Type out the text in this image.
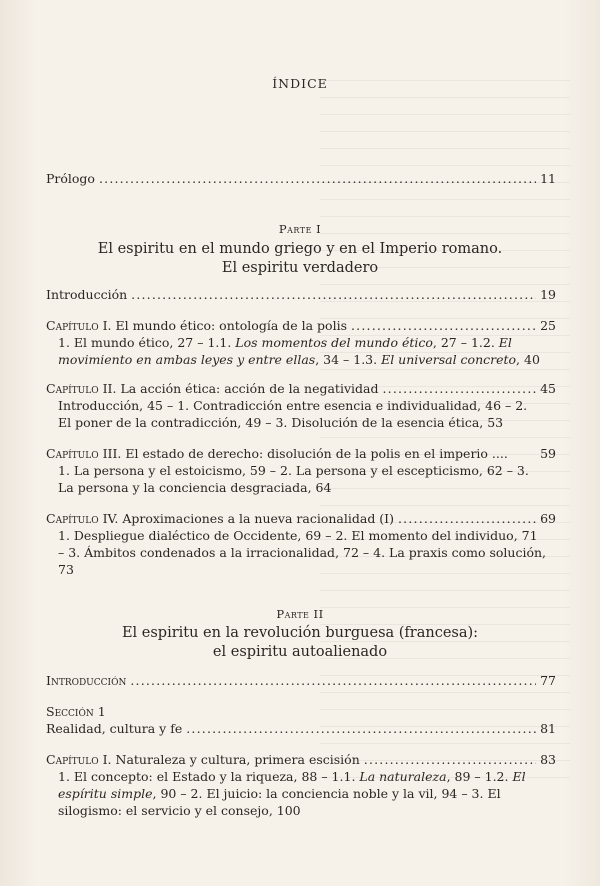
ÍNDICE
Prólogo .....	11
Parte I
El espiritu en el mundo griego y en el Imperio romano.
El espiritu verdadero
Introducción .....	19
Capítulo I. El mundo ético: ontología de la polis .....	25
1. El mundo ético, 27 – 1.1. Los momentos del mundo ético, 27 – 1.2. El
movimiento en ambas leyes y entre ellas, 34 – 1.3. El universal concreto, 40
Capítulo II. La acción ética: acción de la negatividad .....	45
Introducción, 45 – 1. Contradicción entre esencia e individualidad, 46 – 2.
El poner de la contradicción, 49 – 3. Disolución de la esencia ética, 53
Capítulo III. El estado de derecho: disolución de la polis en el imperio ....	59
1. La persona y el estoicismo, 59 – 2. La persona y el escepticismo, 62 – 3.
La persona y la conciencia desgraciada, 64
Capítulo IV. Aproximaciones a la nueva racionalidad (I) .....	69
1. Despliegue dialéctico de Occidente, 69 – 2. El momento del individuo, 71
– 3. Ámbitos condenados a la irracionalidad, 72 – 4. La praxis como solución,
73
Parte II
El espiritu en la revolución burguesa (francesa):
el espiritu autoalienado
Introducción .....	77
Sección 1
Realidad, cultura y fe .....	81
Capítulo I. Naturaleza y cultura, primera escisión .....	83
1. El concepto: el Estado y la riqueza, 88 – 1.1. La naturaleza, 89 – 1.2. El
espíritu simple, 90 – 2. El juicio: la conciencia noble y la vil, 94 – 3. El
silogismo: el servicio y el consejo, 100
